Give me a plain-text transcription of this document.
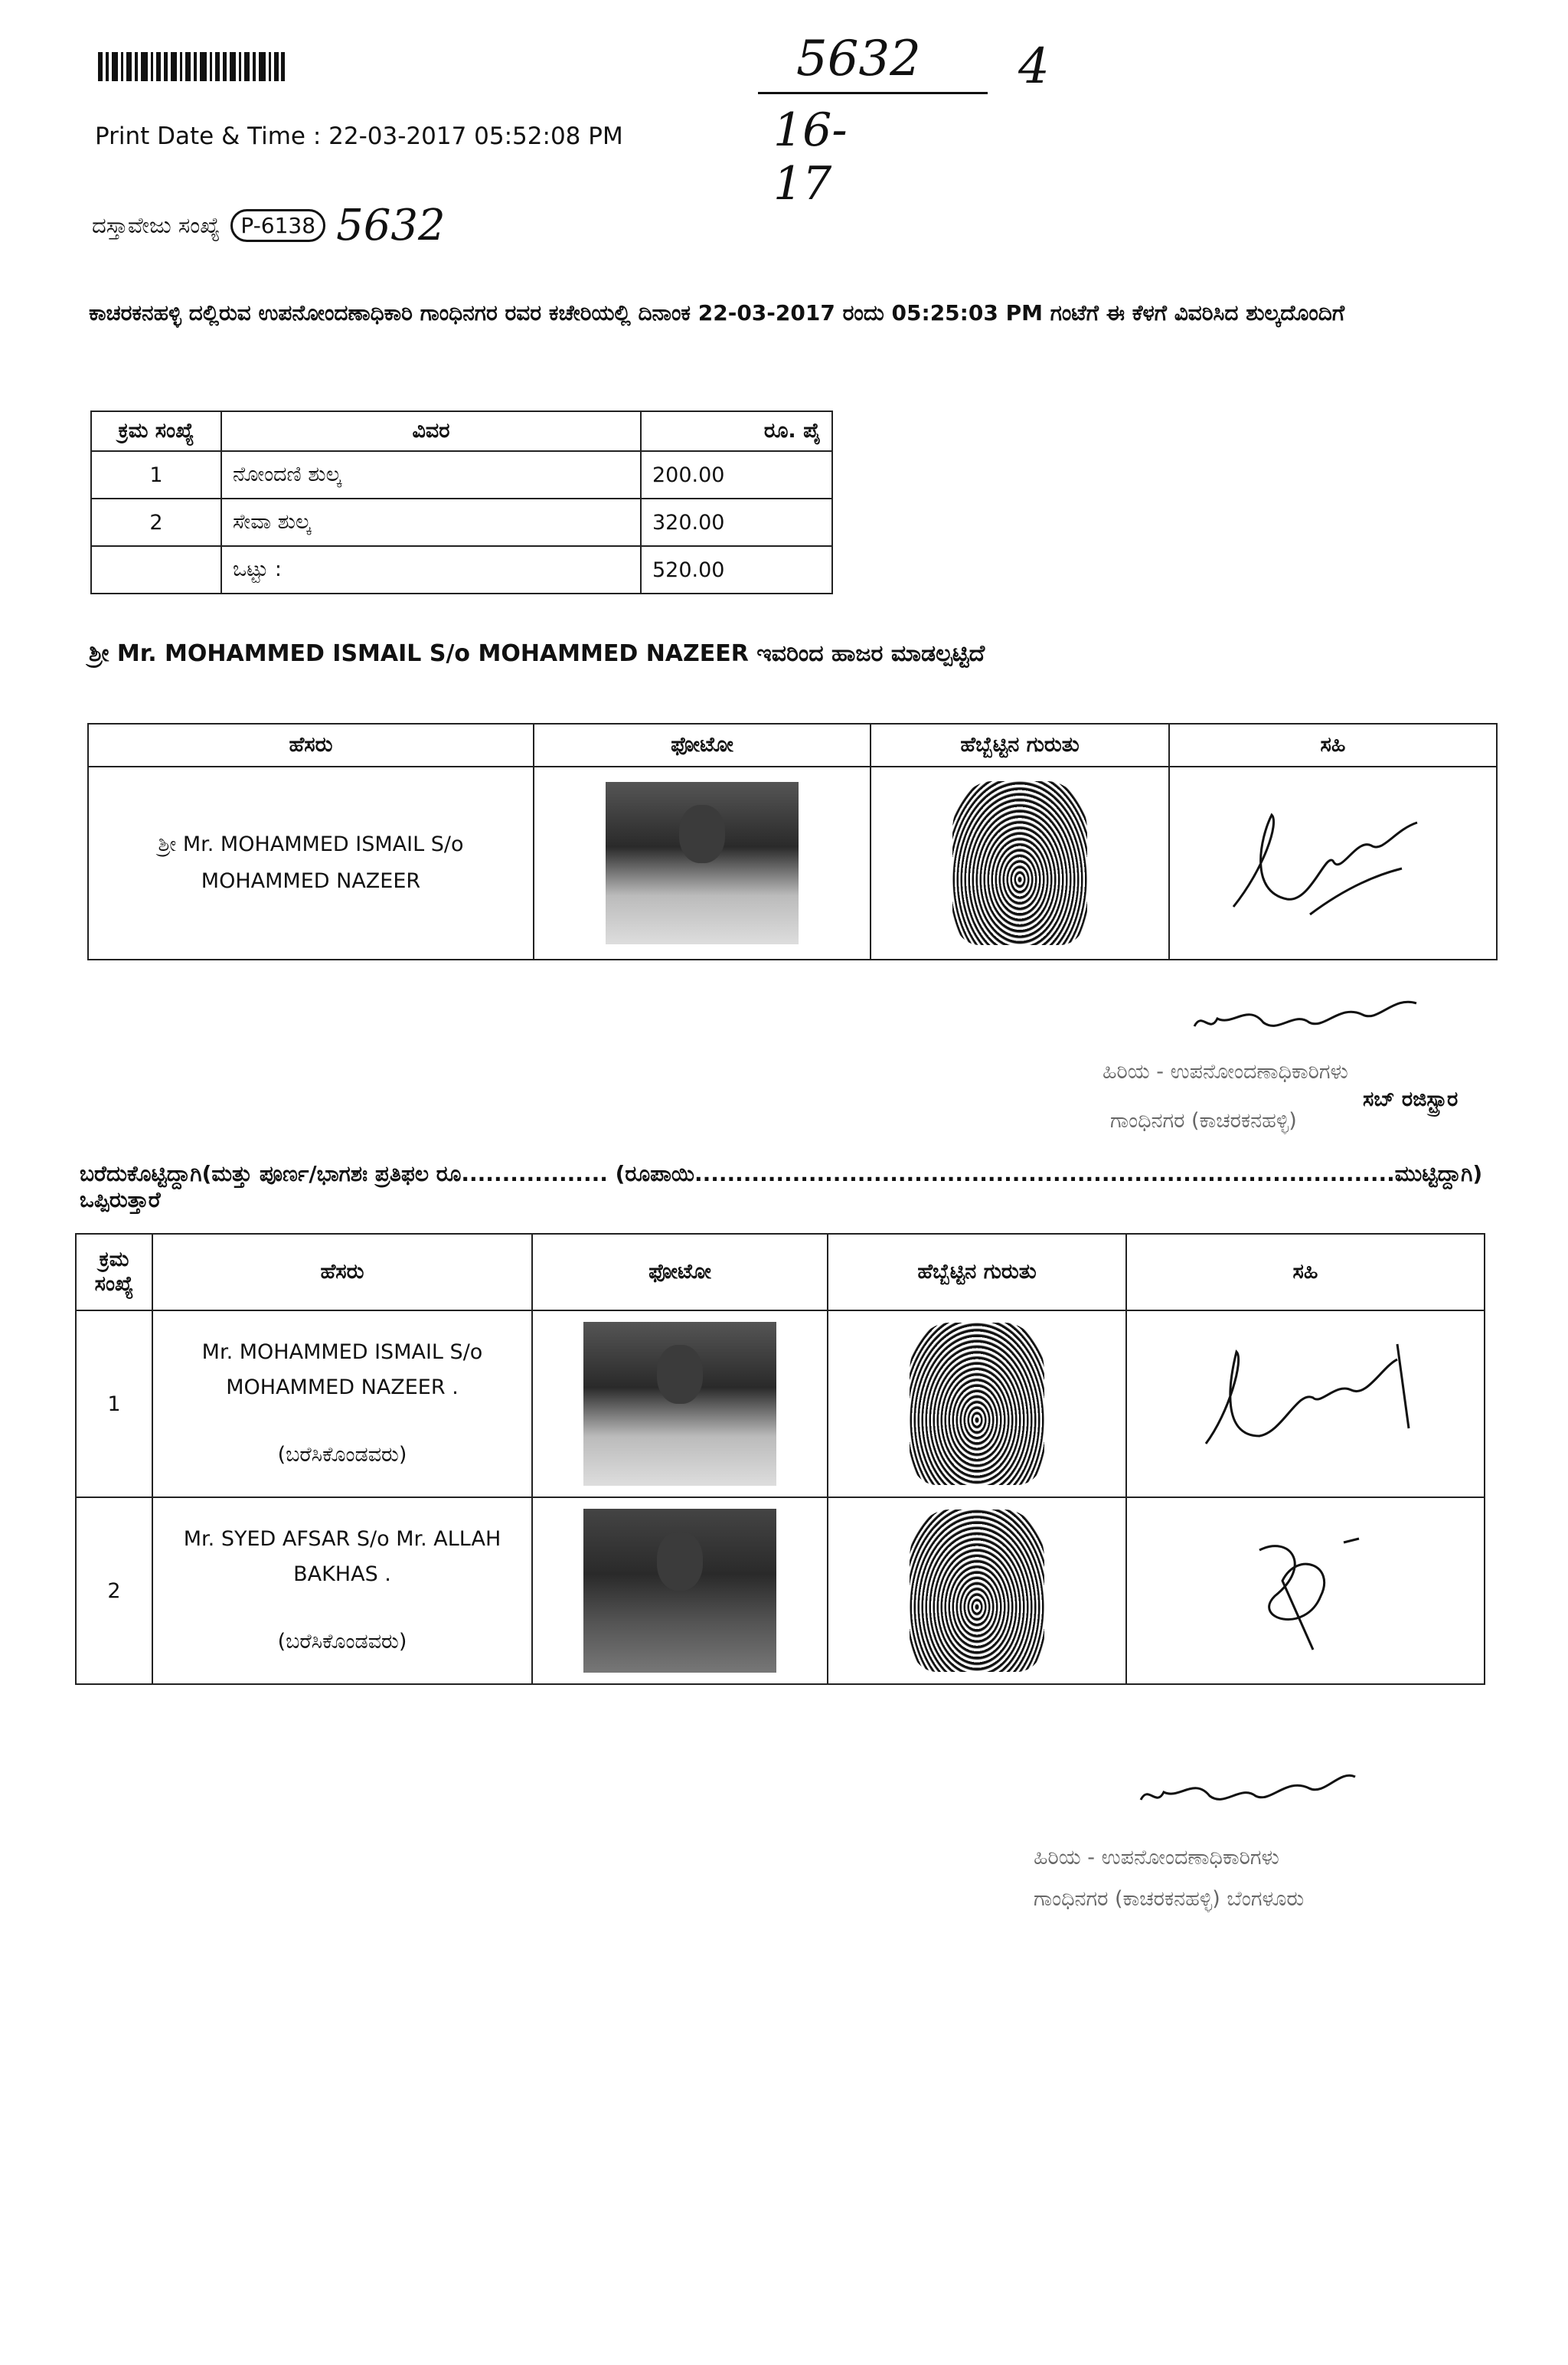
5632
16-17
4
Print Date & Time : 22-03-2017 05:52:08 PM
ದಸ್ತಾವೇಜು ಸಂಖ್ಯೆ P-6138 5632
ಕಾಚರಕನಹಳ್ಳಿ ದಲ್ಲಿರುವ ಉಪನೋಂದಣಾಧಿಕಾರಿ ಗಾಂಧಿನಗರ ರವರ ಕಚೇರಿಯಲ್ಲಿ ದಿನಾಂಕ 22-03-2017 ರಂದು 05:25:03 PM ಗಂಟೆಗೆ ಈ ಕೆಳಗೆ ವಿವರಿಸಿದ ಶುಲ್ಕದೊಂದಿಗೆ
ಕ್ರಮ ಸಂಖ್ಯೆ	ವಿವರ	ರೂ. ಪೈ
1	ನೋಂದಣಿ ಶುಲ್ಕ	200.00
2	ಸೇವಾ ಶುಲ್ಕ	320.00
	ಒಟ್ಟು :	520.00
ಶ್ರೀ Mr. MOHAMMED ISMAIL S/o MOHAMMED NAZEER ಇವರಿಂದ ಹಾಜರ ಮಾಡಲ್ಪಟ್ಟಿದೆ
ಹೆಸರು	ಫೋಟೋ	ಹೆಬ್ಬೆಟ್ಟಿನ ಗುರುತು	ಸಹಿ

ಶ್ರೀ Mr. MOHAMMED ISMAIL S/o
MOHAMMED NAZEER

ಹಿರಿಯ - ಉಪನೋಂದಣಾಧಿಕಾರಿಗಳು
ಸಬ್ ರಜಿಸ್ಟ್ರಾರ
ಗಾಂಧಿನಗರ (ಕಾಚರಕನಹಳ್ಳಿ)
ಬರೆದುಕೊಟ್ಟಿದ್ದಾಗಿ(ಮತ್ತು ಪೂರ್ಣ/ಭಾಗಶಃ ಪ್ರತಿಫಲ ರೂ.................. (ರೂಪಾಯಿ......................................................................................ಮುಟ್ಟಿದ್ದಾಗಿ) ಒಪ್ಪಿರುತ್ತಾರೆ
ಕ್ರಮ ಸಂಖ್ಯೆ	ಹೆಸರು	ಫೋಟೋ	ಹೆಬ್ಬೆಟ್ಟಿನ ಗುರುತು	ಸಹಿ
1	Mr. MOHAMMED ISMAIL S/o
MOHAMMED NAZEER .
(ಬರೆಸಿಕೊಂಡವರು)

2	Mr. SYED AFSAR S/o Mr. ALLAH
BAKHAS .
(ಬರೆಸಿಕೊಂಡವರು)

ಹಿರಿಯ - ಉಪನೋಂದಣಾಧಿಕಾರಿಗಳು
ಗಾಂಧಿನಗರ (ಕಾಚರಕನಹಳ್ಳಿ) ಬೆಂಗಳೂರು
